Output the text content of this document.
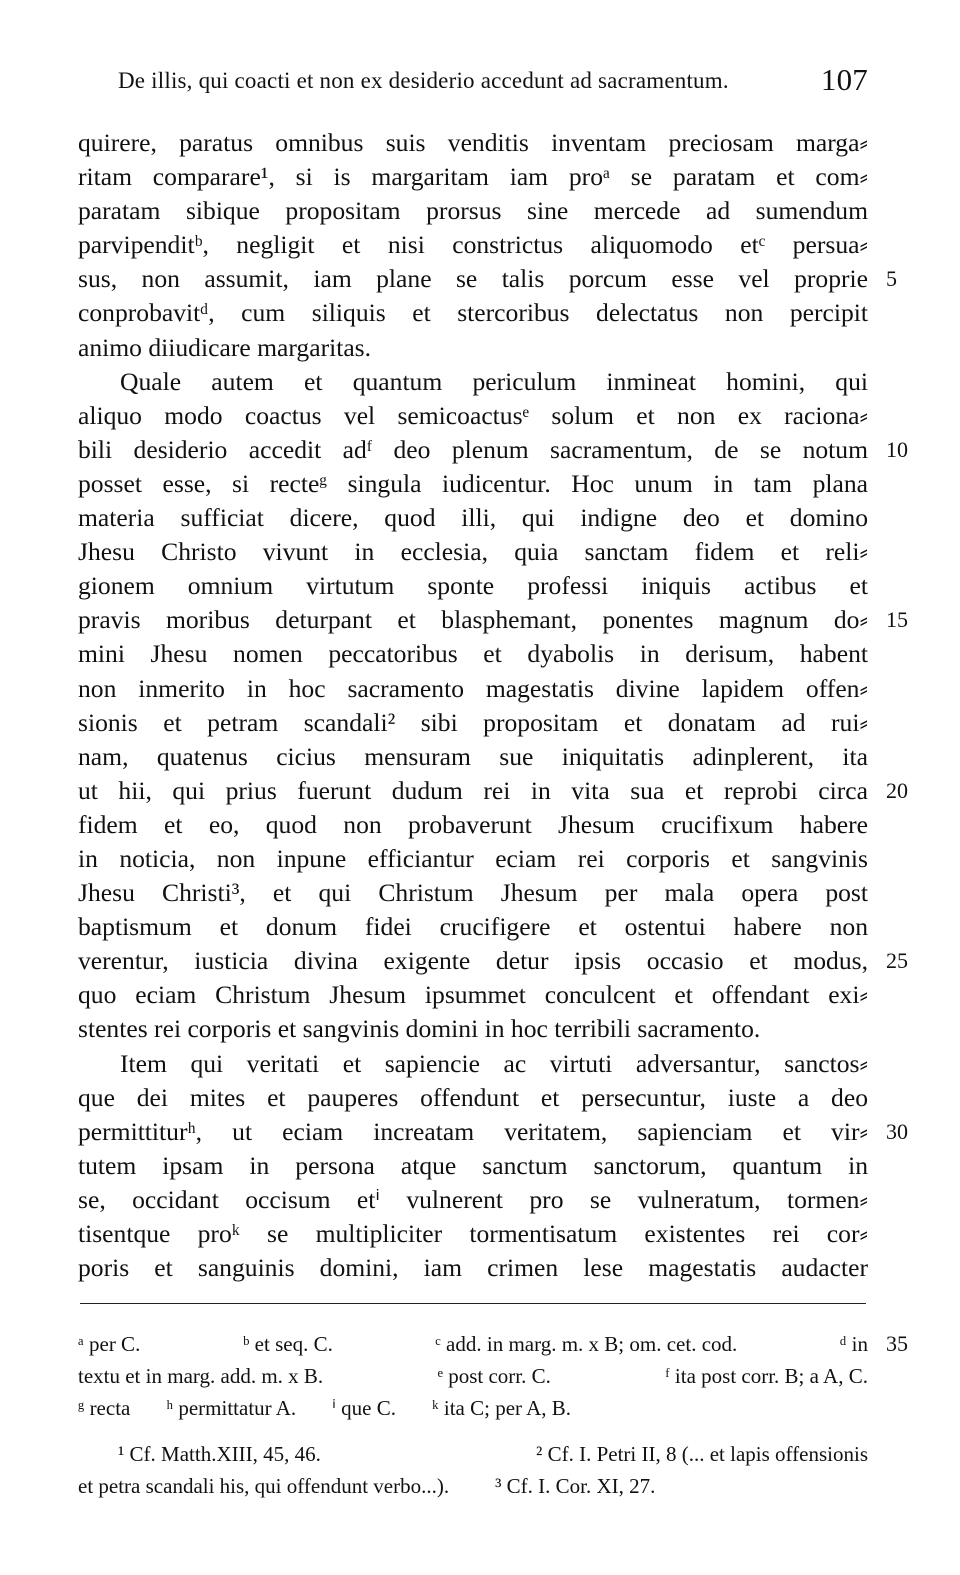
De illis, qui coacti et non ex desiderio accedunt ad sacramentum.	107
quirere, paratus omnibus suis venditis inventam preciosam marga⸗
ritam comparare¹, si is margaritam iam proᵃ se paratam et com⸗
paratam sibique propositam prorsus sine mercede ad sumendum
parvipenditᵇ, negligit et nisi constrictus aliquomodo etᶜ persua⸗
sus, non assumit, iam plane se talis porcum esse vel proprie 5
conprobavitᵈ, cum siliquis et stercoribus delectatus non percipit
animo diiudicare margaritas.
Quale autem et quantum periculum inmineat homini, qui
aliquo modo coactus vel semicoactusᵉ solum et non ex raciona⸗
bili desiderio accedit adᶠ deo plenum sacramentum, de se notum 10
posset esse, si recteᵍ singula iudicentur. Hoc unum in tam plana
materia sufficiat dicere, quod illi, qui indigne deo et domino
Jhesu Christo vivunt in ecclesia, quia sanctam fidem et reli⸗
gionem omnium virtutum sponte professi iniquis actibus et
pravis moribus deturpant et blasphemant, ponentes magnum do⸗ 15
mini Jhesu nomen peccatoribus et dyabolis in derisum, habent
non inmerito in hoc sacramento magestatis divine lapidem offen⸗
sionis et petram scandali² sibi propositam et donatam ad rui⸗
nam, quatenus cicius mensuram sue iniquitatis adinplerent, ita
ut hii, qui prius fuerunt dudum rei in vita sua et reprobi circa 20
fidem et eo, quod non probaverunt Jhesum crucifixum habere
in noticia, non inpune efficiantur eciam rei corporis et sangvinis
Jhesu Christi³, et qui Christum Jhesum per mala opera post
baptismum et donum fidei crucifigere et ostentui habere non
verentur, iusticia divina exigente detur ipsis occasio et modus, 25
quo eciam Christum Jhesum ipsummet conculcent et offendant exi⸗
stentes rei corporis et sangvinis domini in hoc terribili sacramento.
Item qui veritati et sapiencie ac virtuti adversantur, sanctos⸗
que dei mites et pauperes offendunt et persecuntur, iuste a deo
permittiturʰ, ut eciam increatam veritatem, sapienciam et vir⸗ 30
tutem ipsam in persona atque sanctum sanctorum, quantum in
se, occidant occisum etⁱ vulnerent pro se vulneratum, tormen⸗
tisentque proᵏ se multipliciter tormentisatum existentes rei cor⸗
poris et sanguinis domini, iam crimen lese magestatis audacter
ᵃ per C.	ᵇ et seq. C.	ᶜ add. in marg. m. x B; om. cet. cod.	ᵈ in 35
textu et in marg. add. m. x B.	ᵉ post corr. C.	ᶠ ita post corr. B; a A, C.
ᵍ recta ʰ permittatur A. ⁱ que C. ᵏ ita C; per A, B.
¹ Cf. Matth.XIII, 45, 46.	² Cf. I. Petri II, 8 (... et lapis offensionis
et petra scandali his, qui offendunt verbo...). ³ Cf. I. Cor. XI, 27.
